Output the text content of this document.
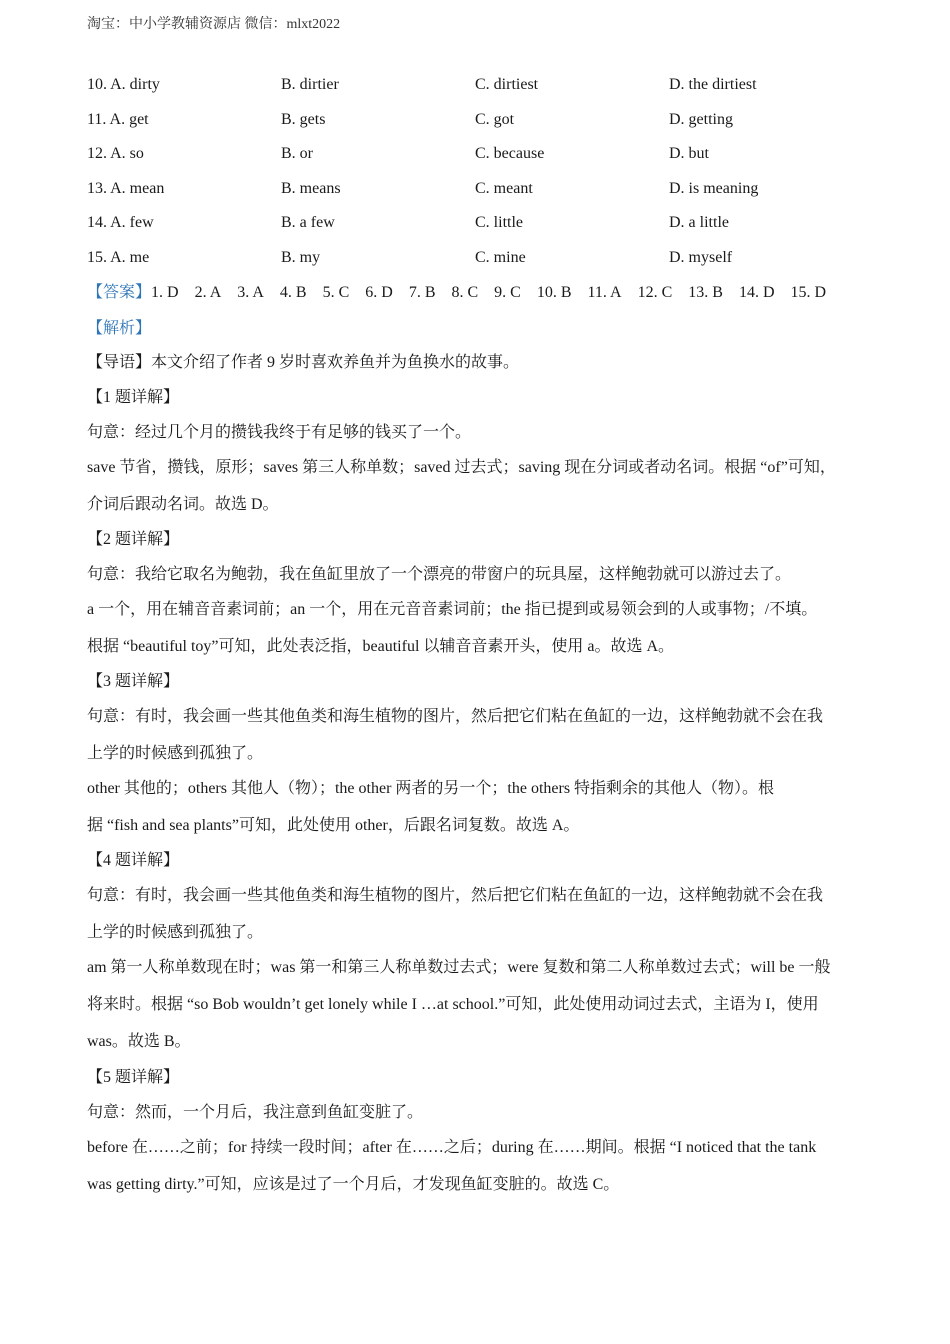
淘宝：中小学教辅资源店 微信：mlxt2022
10. A. dirty	B. dirtier	C. dirtiest	D. the dirtiest
11. A. get	B. gets	C. got	D. getting
12. A. so	B. or	C. because	D. but
13. A. mean	B. means	C. meant	D. is meaning
14. A. few	B. a few	C. little	D. a little
15. A. me	B. my	C. mine	D. myself
【答案】1. D 2. A 3. A 4. B 5. C 6. D 7. B 8. C 9. C 10. B 11. A 12. C 13. B 14. D 15. D
【解析】
【导语】本文介绍了作者 9 岁时喜欢养鱼并为鱼换水的故事。
【1 题详解】
句意：经过几个月的攒钱我终于有足够的钱买了一个。
save 节省，攒钱，原形；saves 第三人称单数；saved 过去式；saving 现在分词或者动名词。根据 “of”可知，
介词后跟动名词。故选 D。
【2 题详解】
句意：我给它取名为鲍勃，我在鱼缸里放了一个漂亮的带窗户的玩具屋，这样鲍勃就可以游过去了。
a 一个，用在辅音音素词前；an 一个，用在元音音素词前；the 指已提到或易领会到的人或事物；/不填。
根据 “beautiful toy”可知，此处表泛指，beautiful 以辅音音素开头，使用 a。故选 A。
【3 题详解】
句意：有时，我会画一些其他鱼类和海生植物的图片，然后把它们粘在鱼缸的一边，这样鲍勃就不会在我
上学的时候感到孤独了。
other 其他的；others 其他人（物）；the other 两者的另一个；the others 特指剩余的其他人（物）。根
据 “fish and sea plants”可知，此处使用 other，后跟名词复数。故选 A。
【4 题详解】
句意：有时，我会画一些其他鱼类和海生植物的图片，然后把它们粘在鱼缸的一边，这样鲍勃就不会在我
上学的时候感到孤独了。
am 第一人称单数现在时；was 第一和第三人称单数过去式；were 复数和第二人称单数过去式；will be 一般
将来时。根据 “so Bob wouldn’t get lonely while I …at school.”可知，此处使用动词过去式，主语为 I，使用
was。故选 B。
【5 题详解】
句意：然而，一个月后，我注意到鱼缸变脏了。
before 在……之前；for 持续一段时间；after 在……之后；during 在……期间。根据 “I noticed that the tank
was getting dirty.”可知，应该是过了一个月后，才发现鱼缸变脏的。故选 C。
